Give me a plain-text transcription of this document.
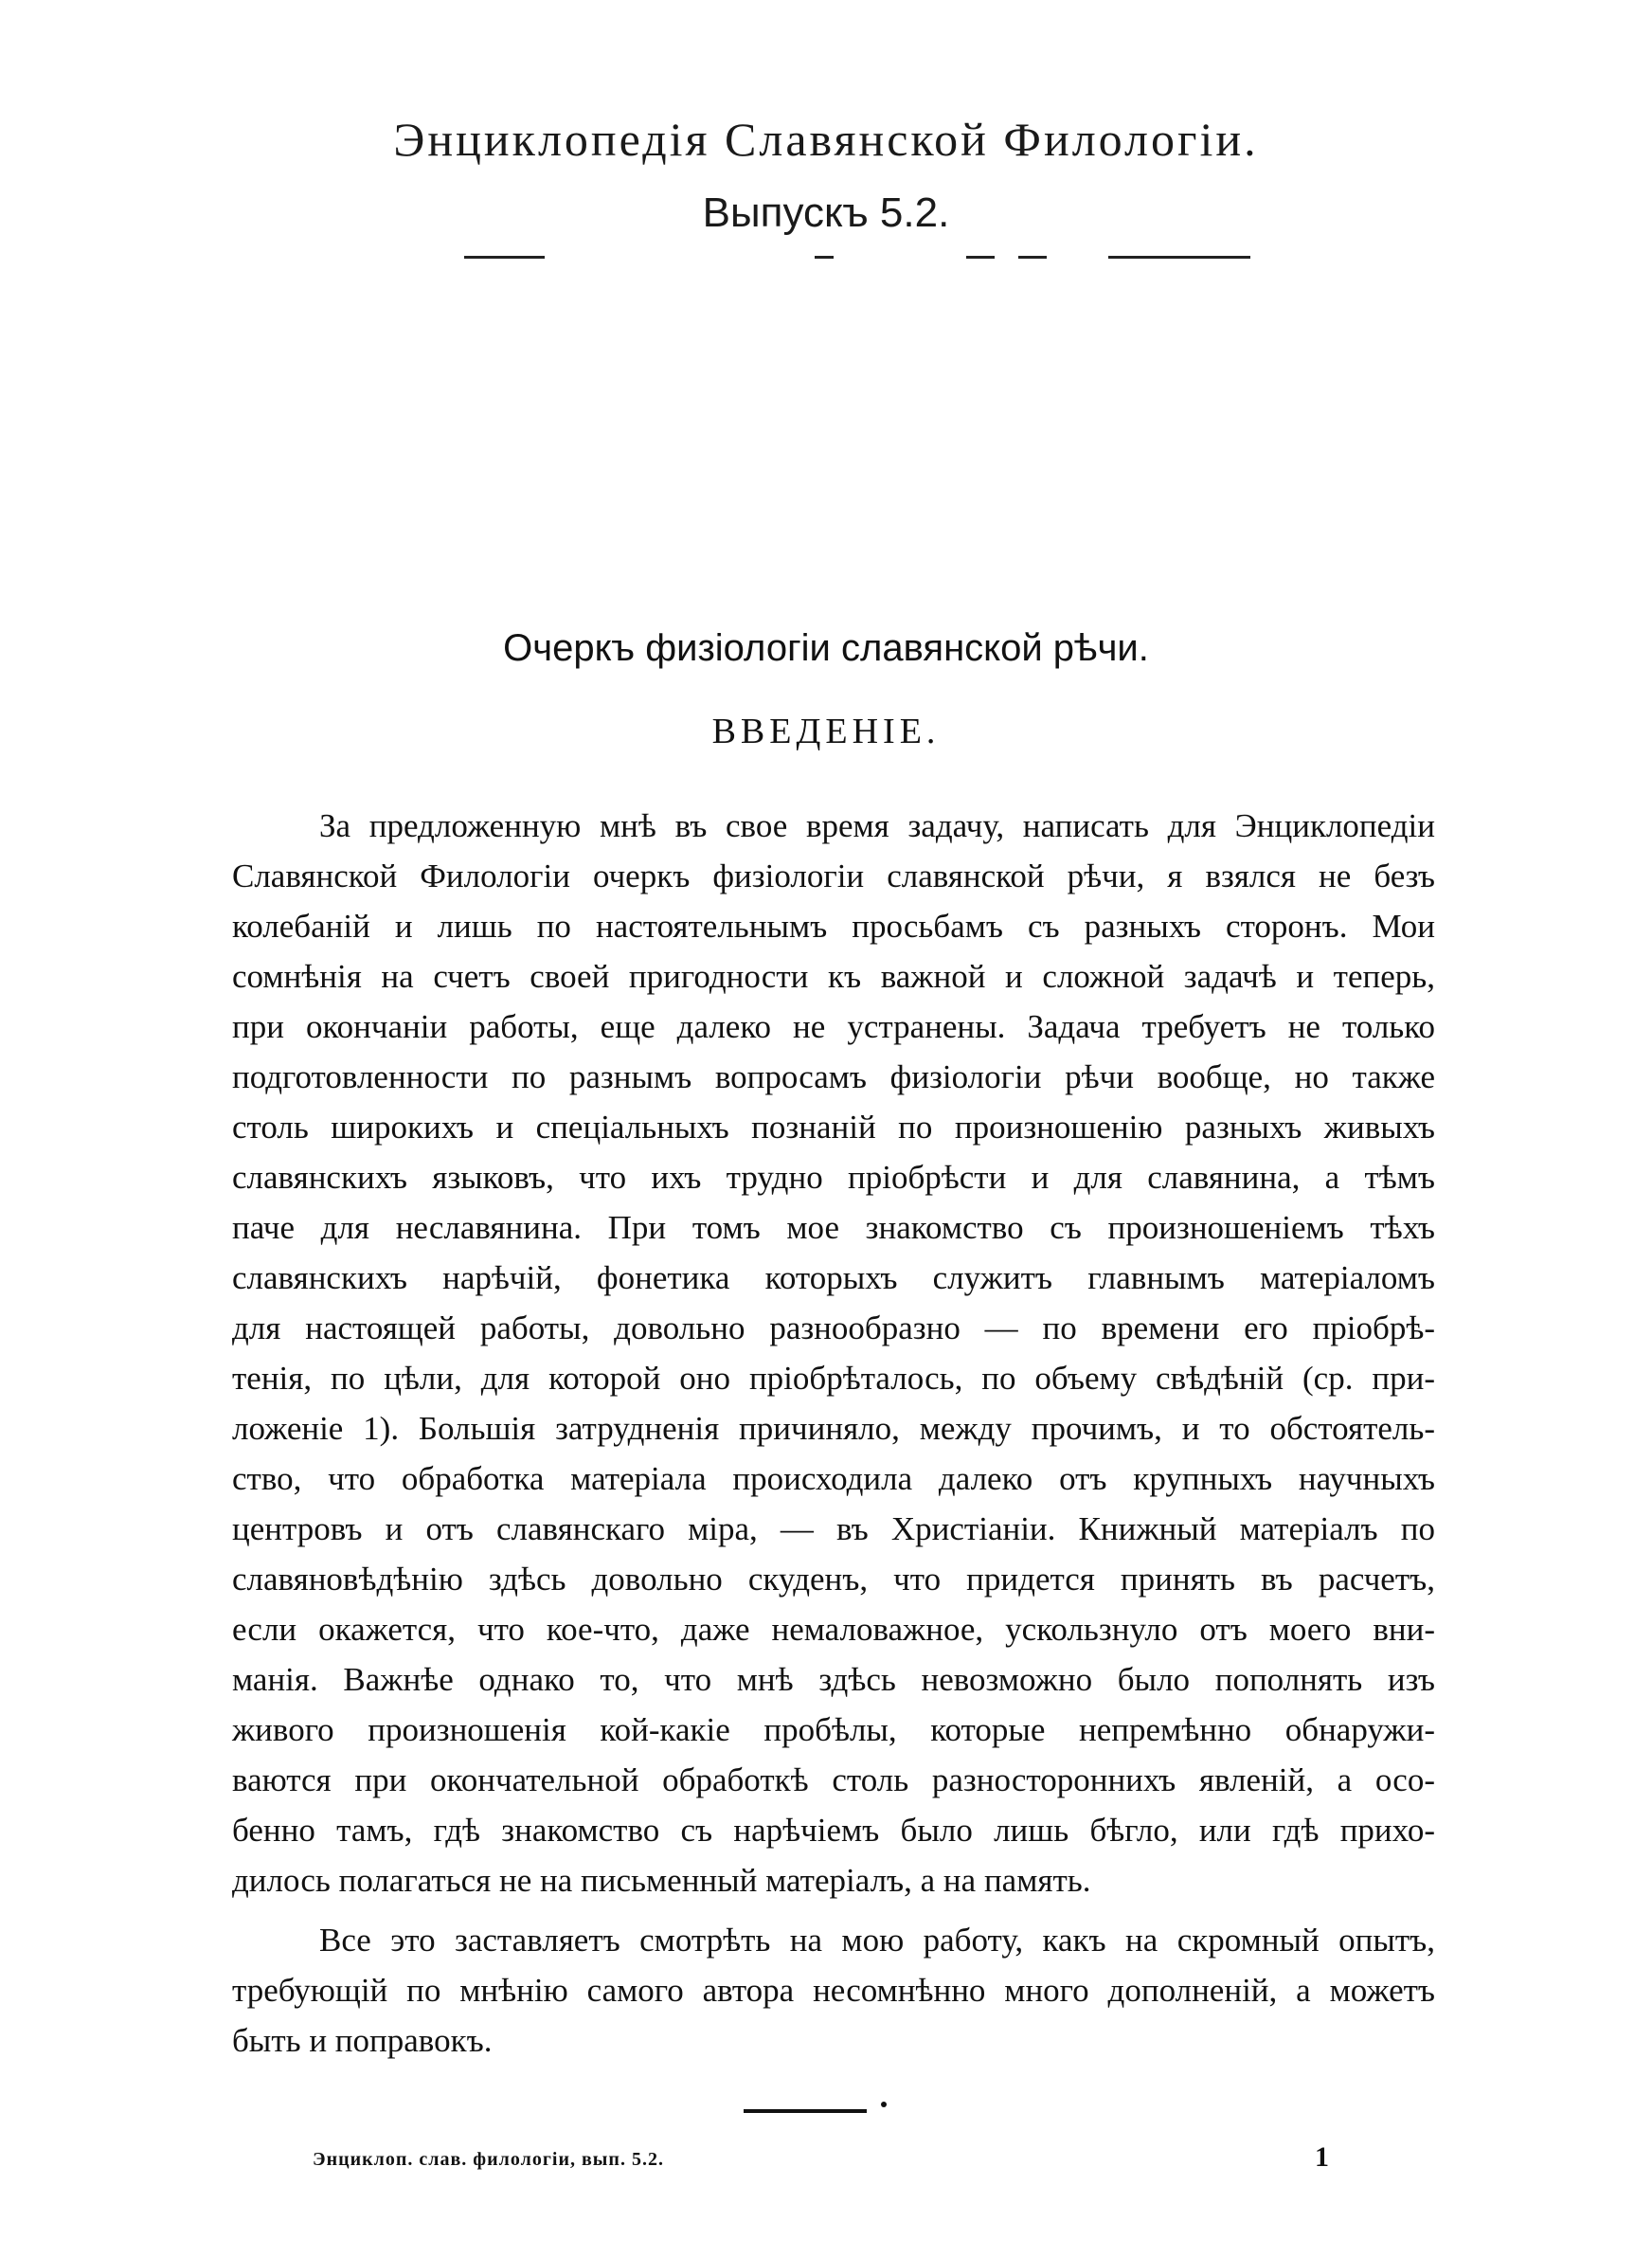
Энциклопедія Славянской Филологіи.
Выпускъ 5.2.
Очеркъ физіологіи славянской рѣчи.
ВВЕДЕНІЕ.
За предложенную мнѣ въ свое время задачу, написать для Энциклопедіи
Славянской Филологіи очеркъ физіологіи славянской рѣчи, я взялся не безъ
колебаній и лишь по настоятельнымъ просьбамъ съ разныхъ сторонъ. Мои
сомнѣнія на счетъ своей пригодности къ важной и сложной задачѣ и теперь,
при окончаніи работы, еще далеко не устранены. Задача требуетъ не только
подготовленности по разнымъ вопросамъ физіологіи рѣчи вообще, но также
столь широкихъ и спеціальныхъ познаній по произношенію разныхъ живыхъ
славянскихъ языковъ, что ихъ трудно пріобрѣсти и для славянина, а тѣмъ
паче для неславянина. При томъ мое знакомство съ произношеніемъ тѣхъ
славянскихъ нарѣчій, фонетика которыхъ служитъ главнымъ матеріаломъ
для настоящей работы, довольно разнообразно — по времени его пріобрѣ-
тенія, по цѣли, для которой оно пріобрѣталось, по объему свѣдѣній (ср. при-
ложеніе 1). Большія затрудненія причиняло, между прочимъ, и то обстоятель-
ство, что обработка матеріала происходила далеко отъ крупныхъ научныхъ
центровъ и отъ славянскаго міра, — въ Христіаніи. Книжный матеріалъ по
славяновѣдѣнію здѣсь довольно скуденъ, что придется принять въ расчетъ,
если окажется, что кое-что, даже немаловажное, ускользнуло отъ моего вни-
манія. Важнѣе однако то, что мнѣ здѣсь невозможно было пополнять изъ
живого произношенія кой-какіе пробѣлы, которые непремѣнно обнаружи-
ваются при окончательной обработкѣ столь разностороннихъ явленій, а осо-
бенно тамъ, гдѣ знакомство съ нарѣчіемъ было лишь бѣгло, или гдѣ прихо-
дилось полагаться не на письменный матеріалъ, а на память.
Все это заставляетъ смотрѣть на мою работу, какъ на скромный опытъ,
требующій по мнѣнію самого автора несомнѣнно много дополненій, а можетъ
быть и поправокъ.
Энциклоп. слав. филологіи, вып. 5.2.	1
